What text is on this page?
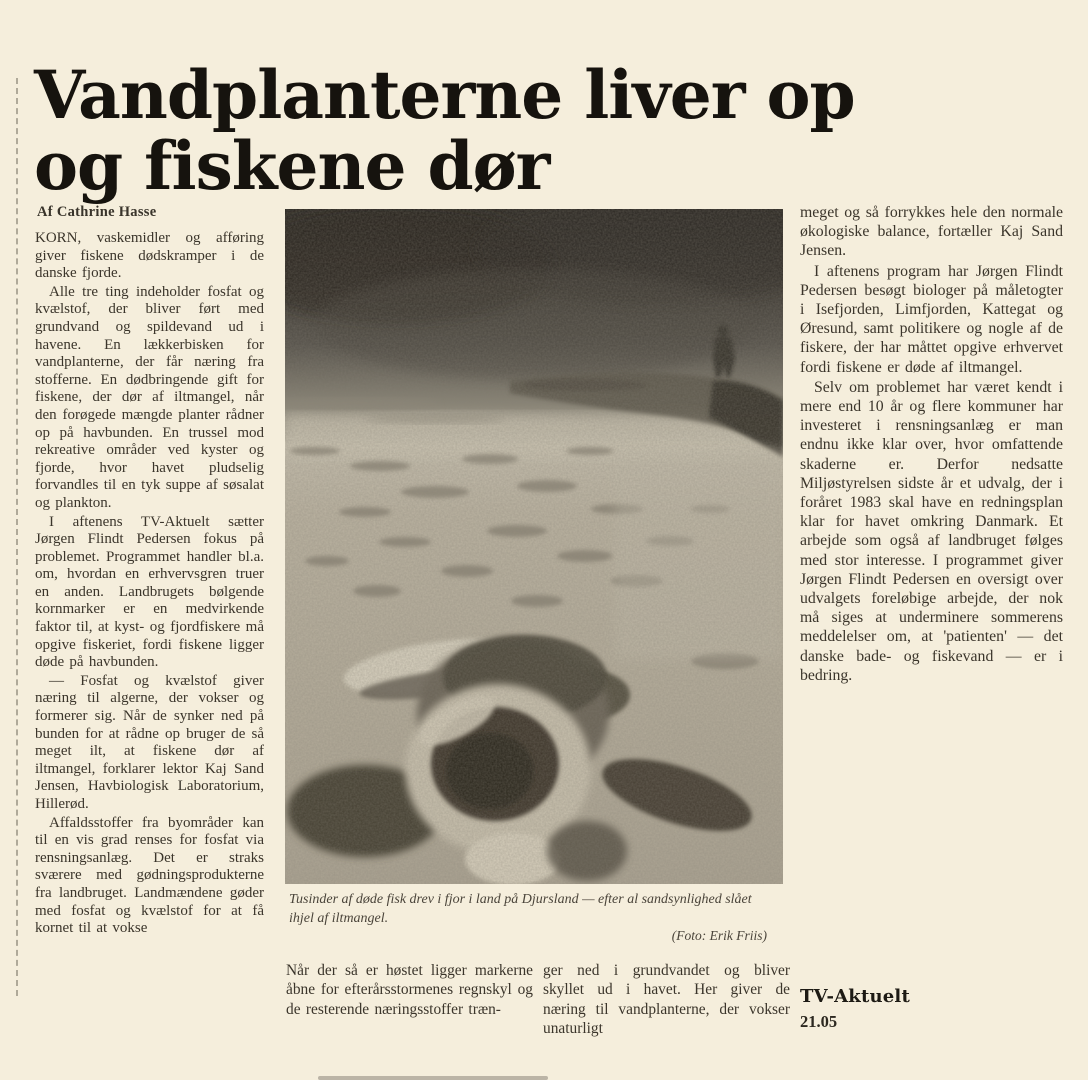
Vandplanterne liver op
og fiskene dør
Af Cathrine Hasse

KORN, vaskemidler og afføring giver fiskene dødskramper i de danske fjorde.

Alle tre ting indeholder fosfat og kvælstof, der bliver ført med grundvand og spildevand ud i havene. En lækkerbisken for vandplanterne, der får næring fra stofferne. En dødbringende gift for fiskene, der dør af iltmangel, når den forøgede mængde planter rådner op på havbunden. En trussel mod rekreative områder ved kyster og fjorde, hvor havet pludselig forvandles til en tyk suppe af søsalat og plankton.

I aftenens TV-Aktuelt sætter Jørgen Flindt Pedersen fokus på problemet. Programmet handler bl.a. om, hvordan en erhvervsgren truer en anden. Landbrugets bølgende kornmarker er en medvirkende faktor til, at kyst- og fjordfiskere må opgive fiskeriet, fordi fiskene ligger døde på havbunden.

— Fosfat og kvælstof giver næring til algerne, der vokser og formerer sig. Når de synker ned på bunden for at rådne op bruger de så meget ilt, at fiskene dør af iltmangel, forklarer lektor Kaj Sand Jensen, Havbiologisk Laboratorium, Hillerød.

Affaldsstoffer fra byområder kan til en vis grad renses for fosfat via rensningsanlæg. Det er straks sværere med gødningsprodukterne fra landbruget. Landmændene gøder med fosfat og kvælstof for at få kornet til at vokse

Tusinder af døde fisk drev i fjor i land på Djursland — efter al sandsynlighed slået ihjel af iltmangel.
(Foto: Erik Friis)

Når der så er høstet ligger markerne åbne for efterårsstormenes regnskyl og de resterende næringsstoffer træn-

ger ned i grundvandet og bliver skyllet ud i havet. Her giver de næring til vandplanterne, der vokser unaturligt

meget og så forrykkes hele den normale økologiske balance, fortæller Kaj Sand Jensen.

I aftenens program har Jørgen Flindt Pedersen besøgt biologer på måletogter i Isefjorden, Limfjorden, Kattegat og Øresund, samt politikere og nogle af de fiskere, der har måttet opgive erhvervet fordi fiskene er døde af iltmangel.

Selv om problemet har været kendt i mere end 10 år og flere kommuner har investeret i rensningsanlæg er man endnu ikke klar over, hvor omfattende skaderne er. Derfor nedsatte Miljøstyrelsen sidste år et udvalg, der i foråret 1983 skal have en redningsplan klar for havet omkring Danmark. Et arbejde som også af landbruget følges med stor interesse. I programmet giver Jørgen Flindt Pedersen en oversigt over udvalgets foreløbige arbejde, der nok må siges at underminere sommerens meddelelser om, at 'patienten' — det danske bade- og fiskevand — er i bedring.

TV-Aktuelt
21.05
